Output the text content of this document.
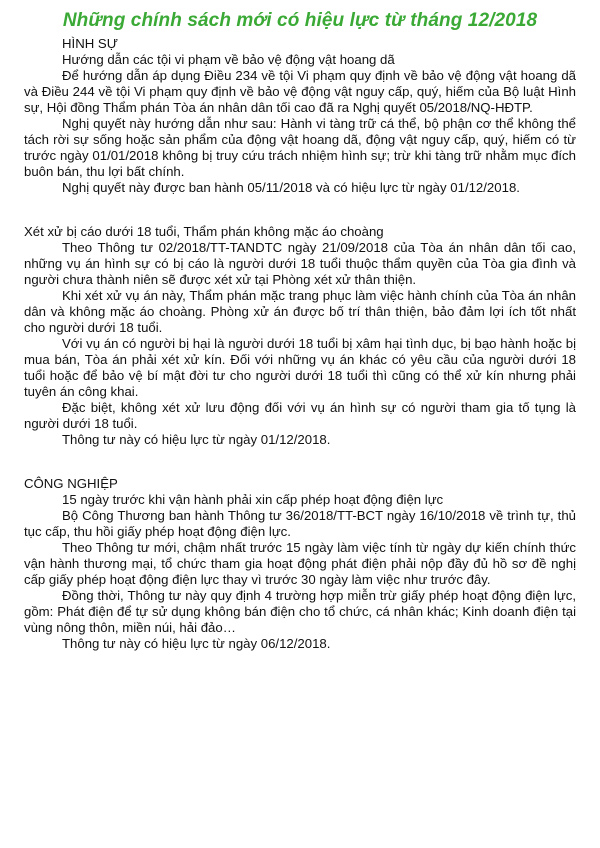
Những chính sách mới có hiệu lực từ tháng 12/2018

HÌNH SỰ

Hướng dẫn các tội vi phạm về bảo vệ động vật hoang dã

Để hướng dẫn áp dụng Điều 234 về tội Vi phạm quy định về bảo vệ động vật hoang dã và Điều 244 về tội Vi phạm quy định về bảo vệ động vật nguy cấp, quý, hiếm của Bộ luật Hình sự, Hội đồng Thẩm phán Tòa án nhân dân tối cao đã ra Nghị quyết 05/2018/NQ-HĐTP.

Nghị quyết này hướng dẫn như sau: Hành vi tàng trữ cá thể, bộ phận cơ thể không thể tách rời sự sống hoặc sản phẩm của động vật hoang dã, động vật nguy cấp, quý, hiếm có từ trước ngày 01/01/2018 không bị truy cứu trách nhiệm hình sự; trừ khi tàng trữ nhằm mục đích buôn bán, thu lợi bất chính.

Nghị quyết này được ban hành 05/11/2018 và có hiệu lực từ ngày 01/12/2018.

Xét xử bị cáo dưới 18 tuổi, Thẩm phán không mặc áo choàng

Theo Thông tư 02/2018/TT-TANDTC ngày 21/09/2018 của Tòa án nhân dân tối cao, những vụ án hình sự có bị cáo là người dưới 18 tuổi thuộc thẩm quyền của Tòa gia đình và người chưa thành niên sẽ được xét xử tại Phòng xét xử thân thiện.

Khi xét xử vụ án này, Thẩm phán mặc trang phục làm việc hành chính của Tòa án nhân dân và không mặc áo choàng. Phòng xử án được bố trí thân thiện, bảo đảm lợi ích tốt nhất cho người dưới 18 tuổi.

Với vụ án có người bị hại là người dưới 18 tuổi bị xâm hại tình dục, bị bạo hành hoặc bị mua bán, Tòa án phải xét xử kín. Đối với những vụ án khác có yêu cầu của người dưới 18 tuổi hoặc để bảo vệ bí mật đời tư cho người dưới 18 tuổi thì cũng có thể xử kín nhưng phải tuyên án công khai.

Đặc biệt, không xét xử lưu động đối với vụ án hình sự có người tham gia tố tụng là người dưới 18 tuổi.

Thông tư này có hiệu lực từ ngày 01/12/2018.

CÔNG NGHIỆP

15 ngày trước khi vận hành phải xin cấp phép hoạt động điện lực

Bộ Công Thương ban hành Thông tư 36/2018/TT-BCT ngày 16/10/2018 về trình tự, thủ tục cấp, thu hồi giấy phép hoạt động điện lực.

Theo Thông tư mới, chậm nhất trước 15 ngày làm việc tính từ ngày dự kiến chính thức vận hành thương mại, tổ chức tham gia hoạt động phát điện phải nộp đầy đủ hồ sơ đề nghị cấp giấy phép hoạt động điện lực thay vì trước 30 ngày làm việc như trước đây.

Đồng thời, Thông tư này quy định 4 trường hợp miễn trừ giấy phép hoạt động điện lực, gồm: Phát điện để tự sử dụng không bán điện cho tổ chức, cá nhân khác; Kinh doanh điện tại vùng nông thôn, miền núi, hải đảo…

Thông tư này có hiệu lực từ ngày 06/12/2018.
